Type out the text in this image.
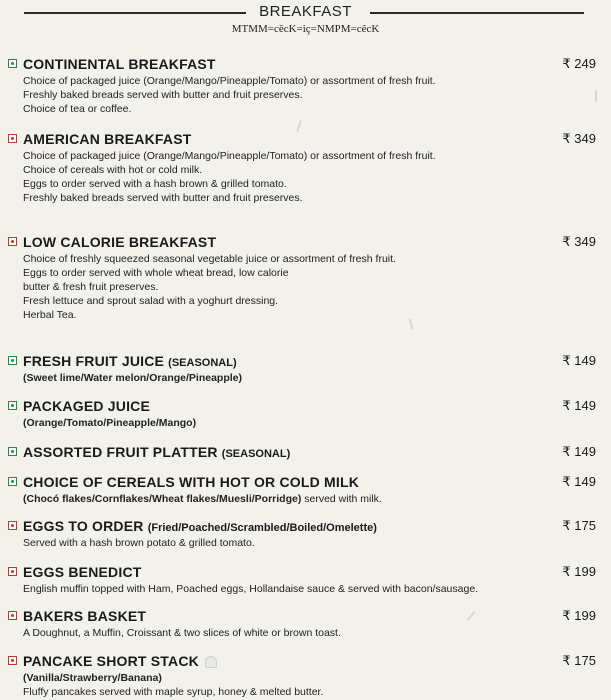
BREAKFAST
MTMM=cĕcK=iç=NMPM=cĕcK
CONTINENTAL BREAKFAST	₹ 249
Choice of packaged juice (Orange/Mango/Pineapple/Tomato) or assortment of fresh fruit.
Freshly baked breads served with butter and fruit preserves.
Choice of tea or coffee.
AMERICAN BREAKFAST	₹ 349
Choice of packaged juice (Orange/Mango/Pineapple/Tomato) or assortment of fresh fruit.
Choice of cereals with hot or cold milk.
Eggs to order served with a hash brown & grilled tomato.
Freshly baked breads served with butter and fruit preserves.
LOW CALORIE BREAKFAST	₹ 349
Choice of freshly squeezed seasonal vegetable juice or assortment of fresh fruit.
Eggs to order served with whole wheat bread, low calorie
butter & fresh fruit preserves.
Fresh lettuce and sprout salad with a yoghurt dressing.
Herbal Tea.
FRESH FRUIT JUICE (SEASONAL)	₹ 149
(Sweet lime/Water melon/Orange/Pineapple)
PACKAGED JUICE	₹ 149
(Orange/Tomato/Pineapple/Mango)
ASSORTED FRUIT PLATTER (SEASONAL)	₹ 149
CHOICE OF CEREALS WITH HOT OR COLD MILK	₹ 149
(Chocó flakes/Cornflakes/Wheat flakes/Muesli/Porridge) served with milk.
EGGS TO ORDER (Fried/Poached/Scrambled/Boiled/Omelette)	₹ 175
Served with a hash brown potato & grilled tomato.
EGGS BENEDICT	₹ 199
English muffin topped with Ham, Poached eggs, Hollandaise sauce & served with bacon/sausage.
BAKERS BASKET	₹ 199
A Doughnut, a Muffin, Croissant & two slices of white or brown toast.
PANCAKE SHORT STACK	₹ 175
(Vanilla/Strawberry/Banana)
Fluffy pancakes served with maple syrup, honey & melted butter.
